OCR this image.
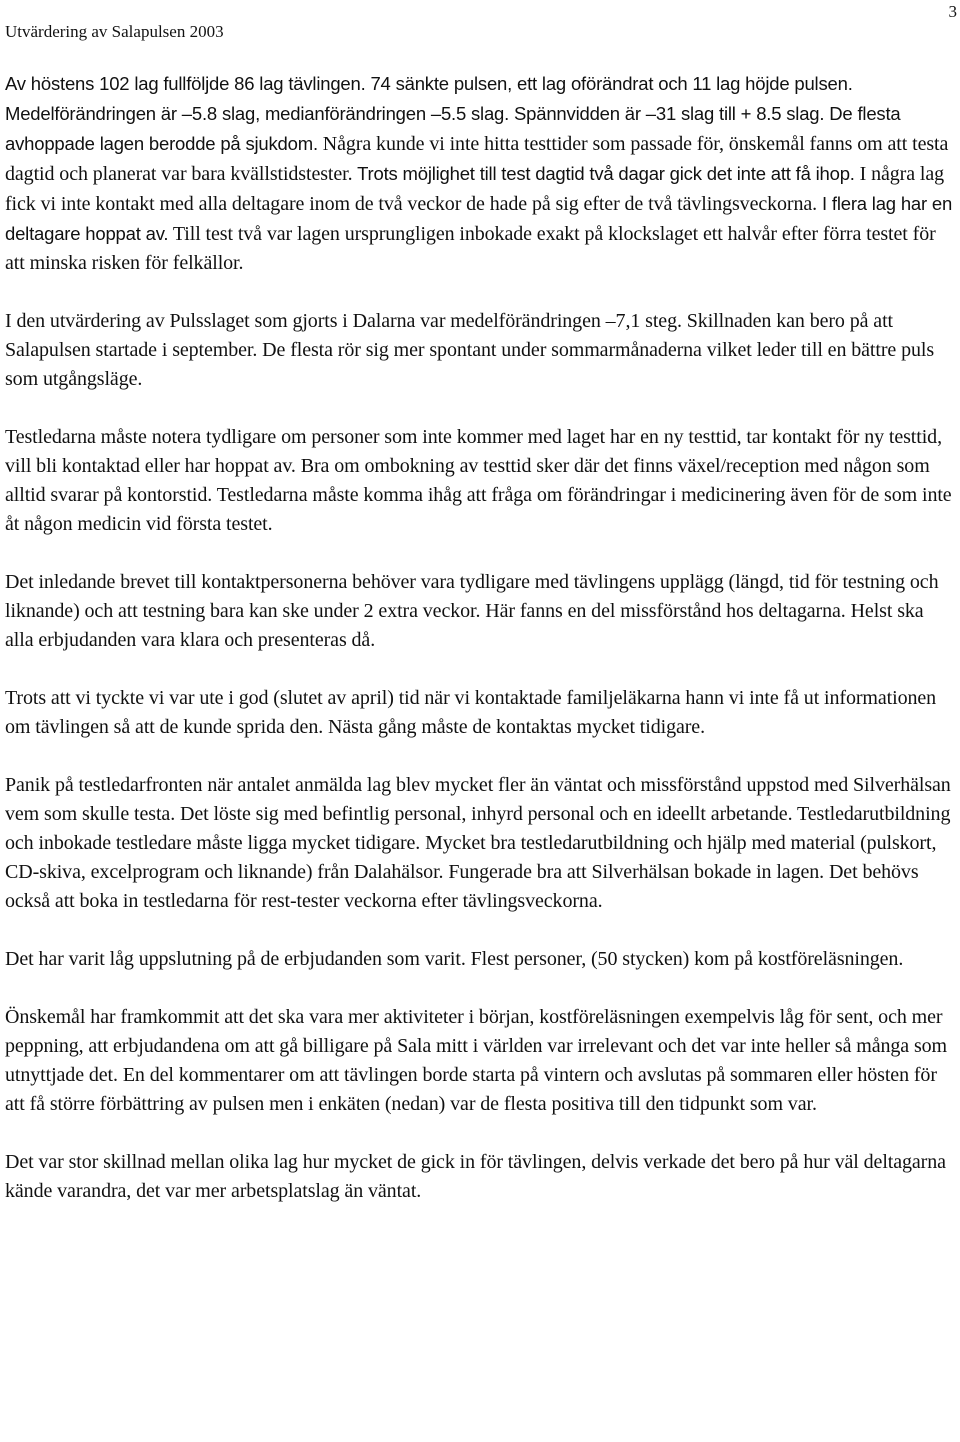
Utvärdering av Salapulsen 2003
3

Av höstens 102 lag fullföljde 86 lag tävlingen. 74 sänkte pulsen, ett lag oförändrat och 11 lag höjde pulsen. Medelförändringen är –5.8 slag, medianförändringen –5.5 slag. Spännvidden är –31 slag till + 8.5 slag. De flesta avhoppade lagen berodde på sjukdom. Några kunde vi inte hitta testtider som passade för, önskemål fanns om att testa dagtid och planerat var bara kvällstidstester. Trots möjlighet till test dagtid två dagar gick det inte att få ihop. I några lag fick vi inte kontakt med alla deltagare inom de två veckor de hade på sig efter de två tävlingsveckorna. I flera lag har en deltagare hoppat av. Till test två var lagen ursprungligen inbokade exakt på klockslaget ett halvår efter förra testet för att minska risken för felkällor.

I den utvärdering av Pulsslaget som gjorts i Dalarna var medelförändringen –7,1 steg. Skillnaden kan bero på att Salapulsen startade i september. De flesta rör sig mer spontant under sommarmånaderna vilket leder till en bättre puls som utgångsläge.

Testledarna måste notera tydligare om personer som inte kommer med laget har en ny testtid, tar kontakt för ny testtid, vill bli kontaktad eller har hoppat av. Bra om ombokning av testtid sker där det finns växel/reception med någon som alltid svarar på kontorstid. Testledarna måste komma ihåg att fråga om förändringar i medicinering även för de som inte åt någon medicin vid första testet.

Det inledande brevet till kontaktpersonerna behöver vara tydligare med tävlingens upplägg (längd, tid för testning och liknande) och att testning bara kan ske under 2 extra veckor. Här fanns en del missförstånd hos deltagarna. Helst ska alla erbjudanden vara klara och presenteras då.

Trots att vi tyckte vi var ute i god (slutet av april) tid när vi kontaktade familjeläkarna hann vi inte få ut informationen om tävlingen så att de kunde sprida den. Nästa gång måste de kontaktas mycket tidigare.

Panik på testledarfronten när antalet anmälda lag blev mycket fler än väntat och missförstånd uppstod med Silverhälsan vem som skulle testa. Det löste sig med befintlig personal, inhyrd personal och en ideellt arbetande. Testledarutbildning och inbokade testledare måste ligga mycket tidigare. Mycket bra testledarutbildning och hjälp med material (pulskort, CD-skiva, excelprogram och liknande) från Dalahälsor. Fungerade bra att Silverhälsan bokade in lagen. Det behövs också att boka in testledarna för rest-tester veckorna efter tävlingsveckorna.

Det har varit låg uppslutning på de erbjudanden som varit. Flest personer, (50 stycken) kom på kostföreläsningen.

Önskemål har framkommit att det ska vara mer aktiviteter i början, kostföreläsningen exempelvis låg för sent, och mer peppning, att erbjudandena om att gå billigare på Sala mitt i världen var irrelevant och det var inte heller så många som utnyttjade det. En del kommentarer om att tävlingen borde starta på vintern och avslutas på sommaren eller hösten för att få större förbättring av pulsen men i enkäten (nedan) var de flesta positiva till den tidpunkt som var.

Det var stor skillnad mellan olika lag hur mycket de gick in för tävlingen, delvis verkade det bero på hur väl deltagarna kände varandra, det var mer arbetsplatslag än väntat.
